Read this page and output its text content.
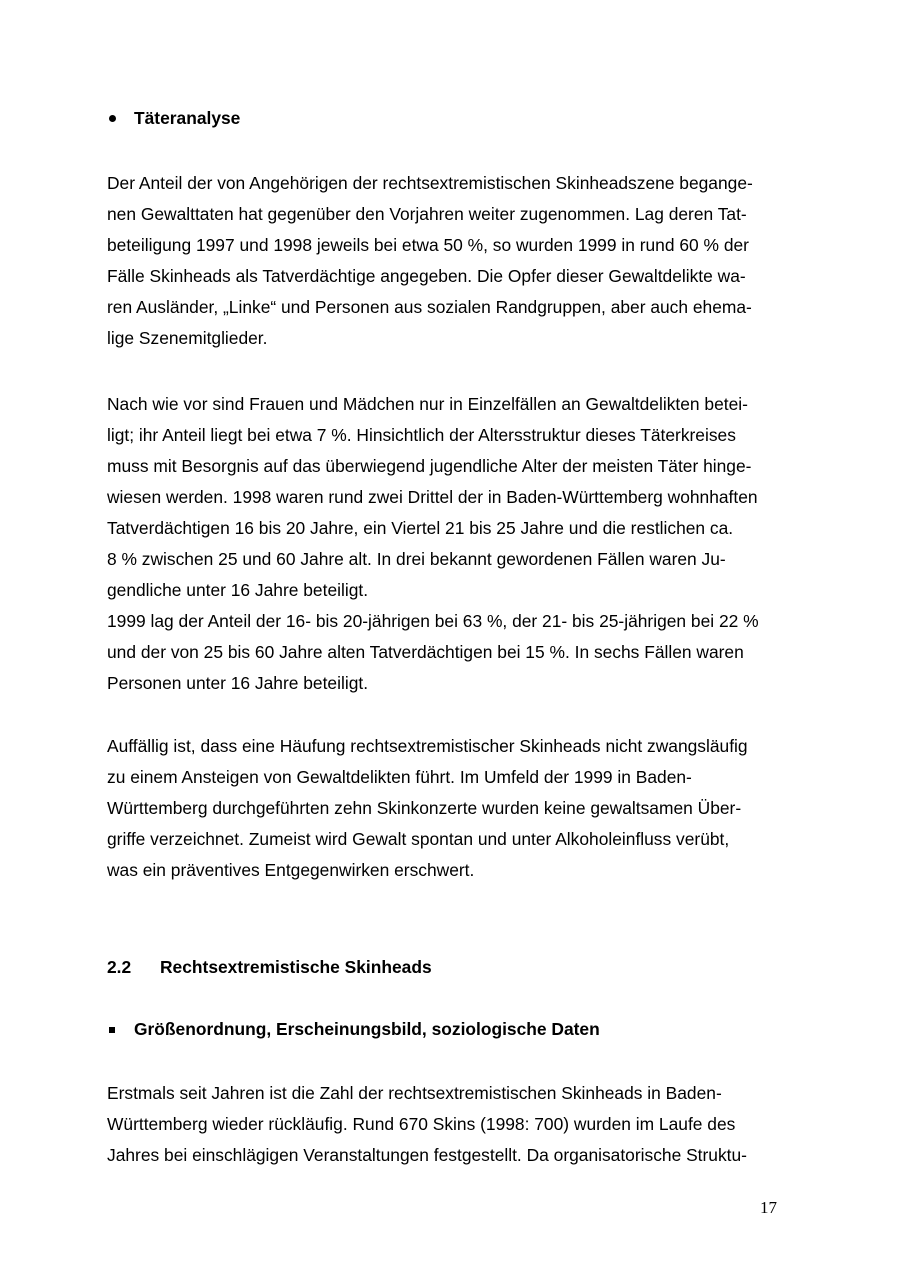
Täteranalyse
Der Anteil der von Angehörigen der rechtsextremistischen Skinheadszene begange-
nen Gewalttaten hat gegenüber den Vorjahren weiter zugenommen. Lag deren Tat-
beteiligung 1997 und 1998 jeweils bei etwa 50 %, so wurden 1999 in rund 60 % der
Fälle Skinheads als Tatverdächtige angegeben. Die Opfer dieser Gewaltdelikte wa-
ren Ausländer, „Linke“ und Personen aus sozialen Randgruppen, aber auch ehema-
lige Szenemitglieder.
Nach wie vor sind Frauen und Mädchen nur in Einzelfällen an Gewaltdelikten betei-
ligt; ihr Anteil liegt bei etwa 7 %. Hinsichtlich der Altersstruktur dieses Täterkreises
muss mit Besorgnis auf das überwiegend jugendliche Alter der meisten Täter hinge-
wiesen werden. 1998 waren rund zwei Drittel der in Baden-Württemberg wohnhaften
Tatverdächtigen 16 bis 20 Jahre, ein Viertel 21 bis 25 Jahre und die restlichen ca.
8 % zwischen 25 und 60 Jahre alt. In drei bekannt gewordenen Fällen waren Ju-
gendliche unter 16 Jahre beteiligt.
1999 lag der Anteil der 16- bis 20-jährigen bei 63 %, der 21- bis 25-jährigen bei 22 %
und der von 25 bis 60 Jahre alten Tatverdächtigen bei 15 %. In sechs Fällen waren
Personen unter 16 Jahre beteiligt.
Auffällig ist, dass eine Häufung rechtsextremistischer Skinheads nicht zwangsläufig
zu einem Ansteigen von Gewaltdelikten führt. Im Umfeld der 1999 in Baden-
Württemberg durchgeführten zehn Skinkonzerte wurden keine gewaltsamen Über-
griffe verzeichnet. Zumeist wird Gewalt spontan und unter Alkoholeinfluss verübt,
was ein präventives Entgegenwirken erschwert.
2.2 Rechtsextremistische Skinheads
Größenordnung, Erscheinungsbild, soziologische Daten
Erstmals seit Jahren ist die Zahl der rechtsextremistischen Skinheads in Baden-
Württemberg wieder rückläufig. Rund 670 Skins (1998: 700) wurden im Laufe des
Jahres bei einschlägigen Veranstaltungen festgestellt. Da organisatorische Struktu-
17
